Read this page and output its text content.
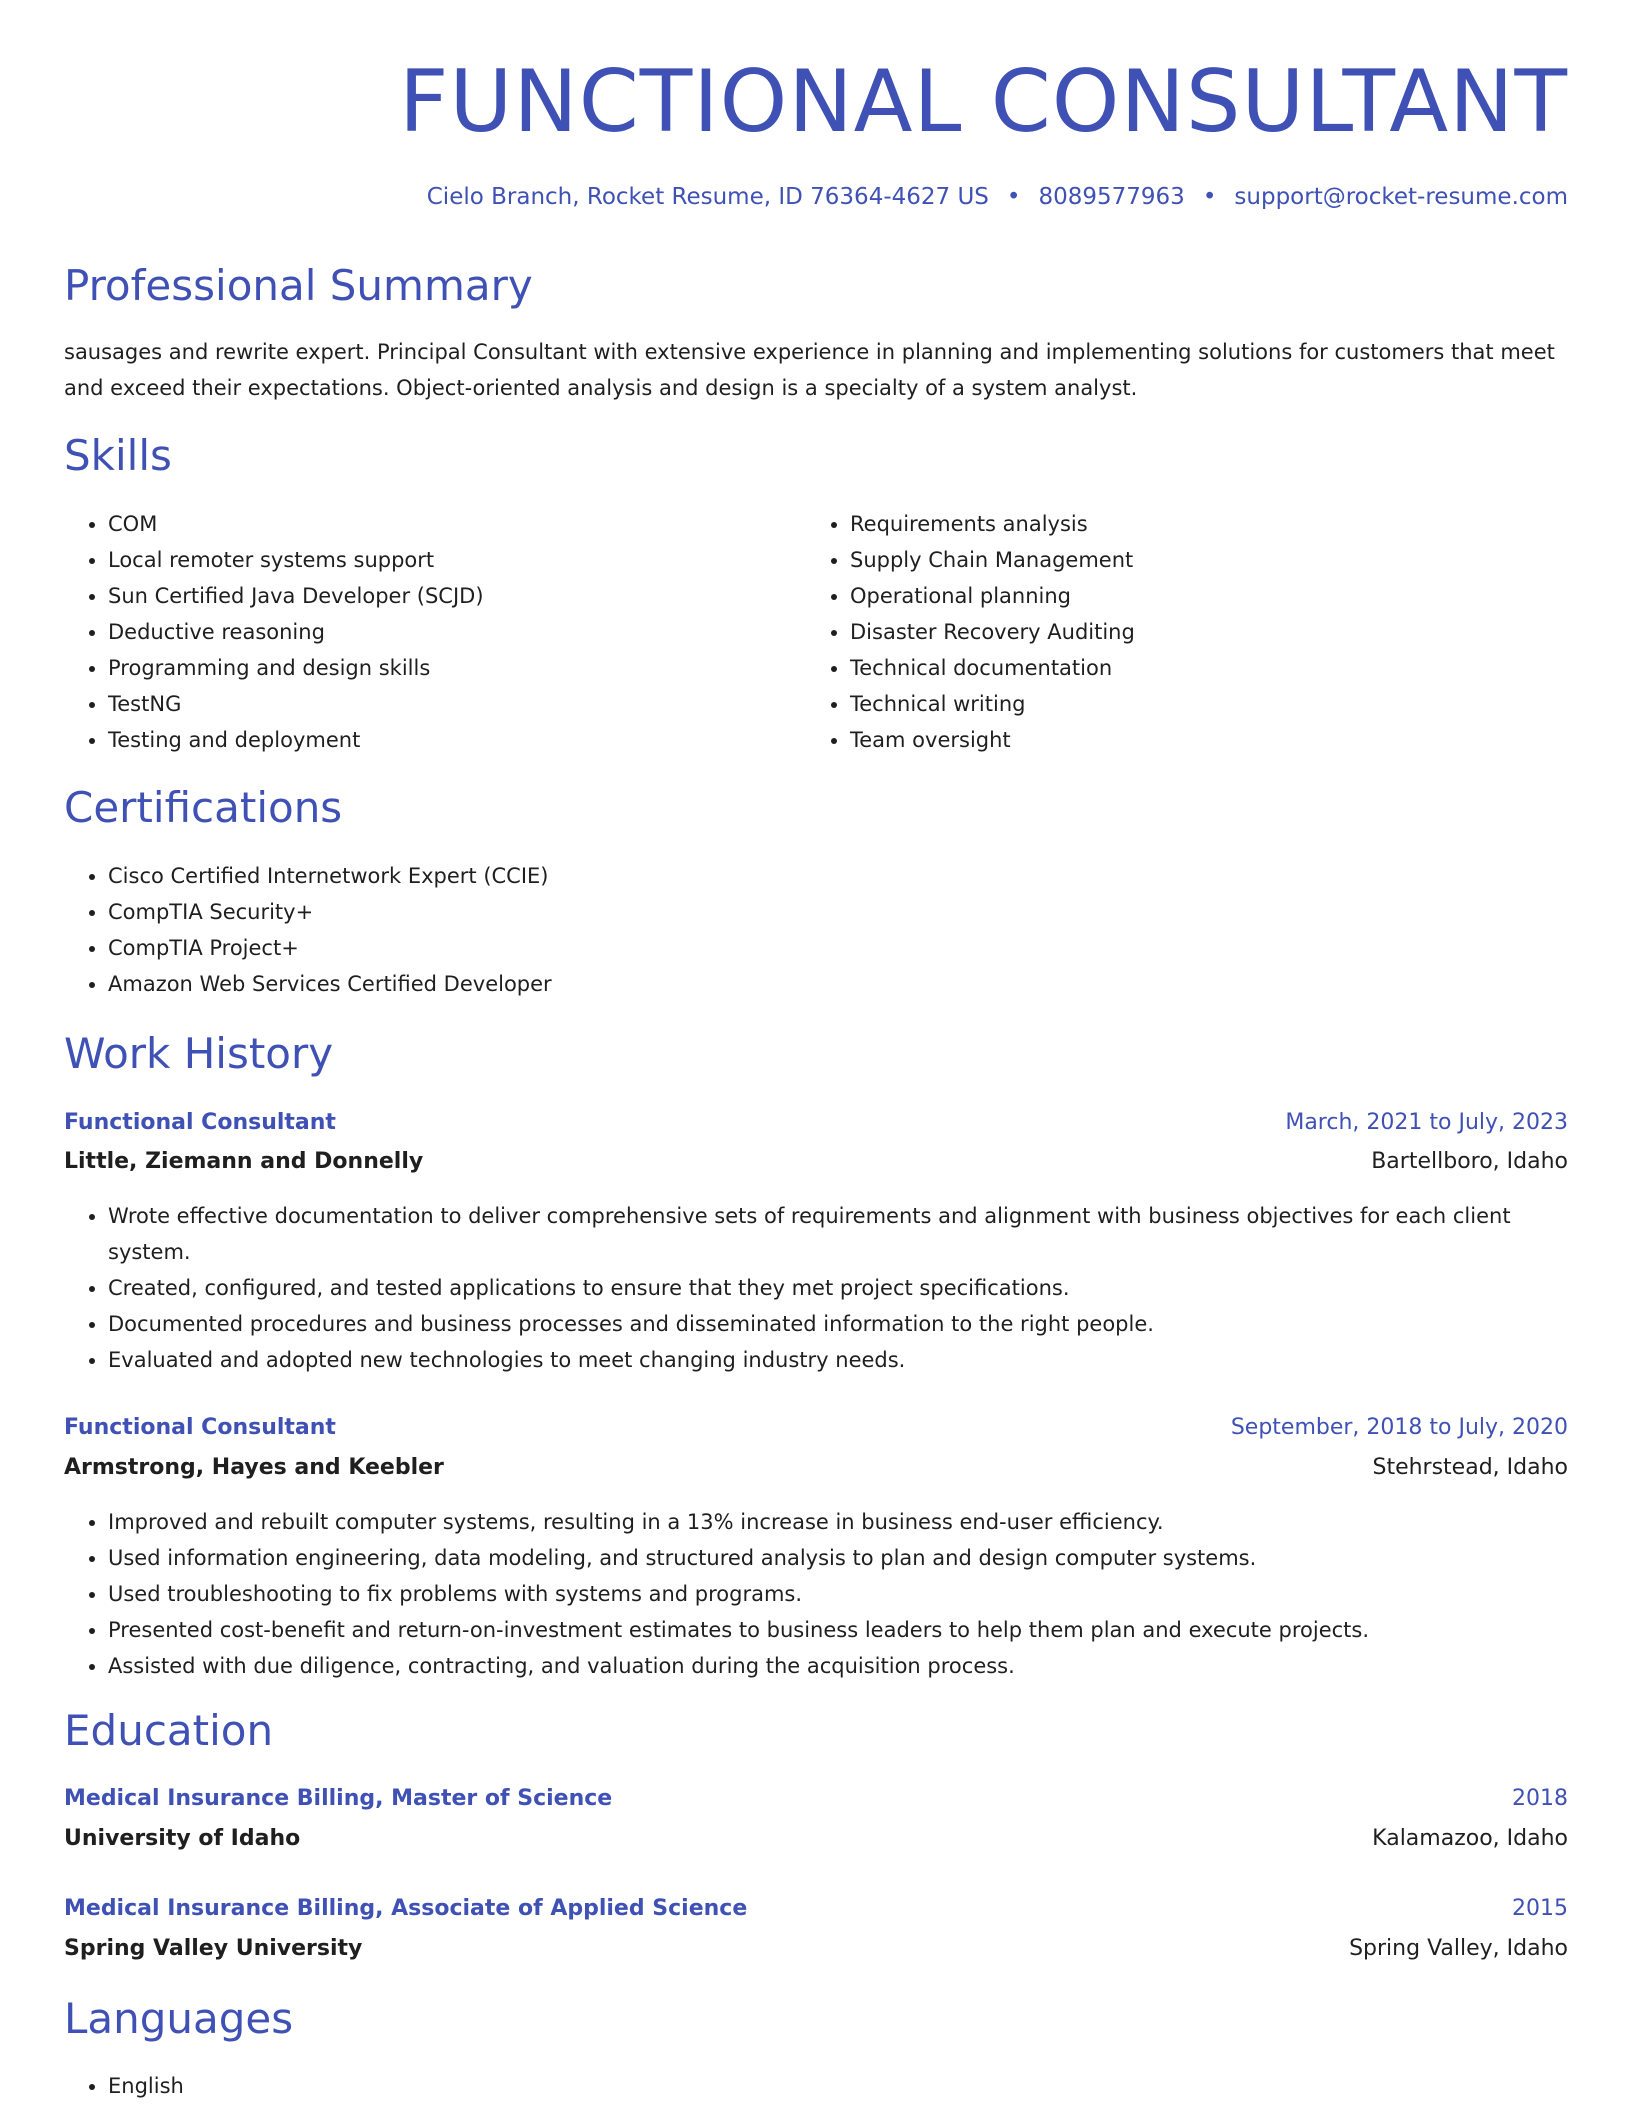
FUNCTIONAL CONSULTANT
Cielo Branch, Rocket Resume, ID 76364-4627 US • 8089577963 • support@rocket-resume.com
Professional Summary

sausages and rewrite expert. Principal Consultant with extensive experience in planning and implementing solutions for customers that meet and exceed their expectations. Object-oriented analysis and design is a specialty of a system analyst.

Skills
• COM
• Local remoter systems support
• Sun Certified Java Developer (SCJD)
• Deductive reasoning
• Programming and design skills
• TestNG
• Testing and deployment
• Requirements analysis
• Supply Chain Management
• Operational planning
• Disaster Recovery Auditing
• Technical documentation
• Technical writing
• Team oversight
Certifications
• Cisco Certified Internetwork Expert (CCIE)
• CompTIA Security+
• CompTIA Project+
• Amazon Web Services Certified Developer
Work History
Functional Consultant	March, 2021 to July, 2023
Little, Ziemann and Donnelly	Bartellboro, Idaho
• Wrote effective documentation to deliver comprehensive sets of requirements and alignment with business objectives for each client system.
• Created, configured, and tested applications to ensure that they met project specifications.
• Documented procedures and business processes and disseminated information to the right people.
• Evaluated and adopted new technologies to meet changing industry needs.
Functional Consultant	September, 2018 to July, 2020
Armstrong, Hayes and Keebler	Stehrstead, Idaho
• Improved and rebuilt computer systems, resulting in a 13% increase in business end-user efficiency.
• Used information engineering, data modeling, and structured analysis to plan and design computer systems.
• Used troubleshooting to fix problems with systems and programs.
• Presented cost-benefit and return-on-investment estimates to business leaders to help them plan and execute projects.
• Assisted with due diligence, contracting, and valuation during the acquisition process.
Education
Medical Insurance Billing, Master of Science	2018
University of Idaho	Kalamazoo, Idaho
Medical Insurance Billing, Associate of Applied Science	2015
Spring Valley University	Spring Valley, Idaho
Languages
• English
